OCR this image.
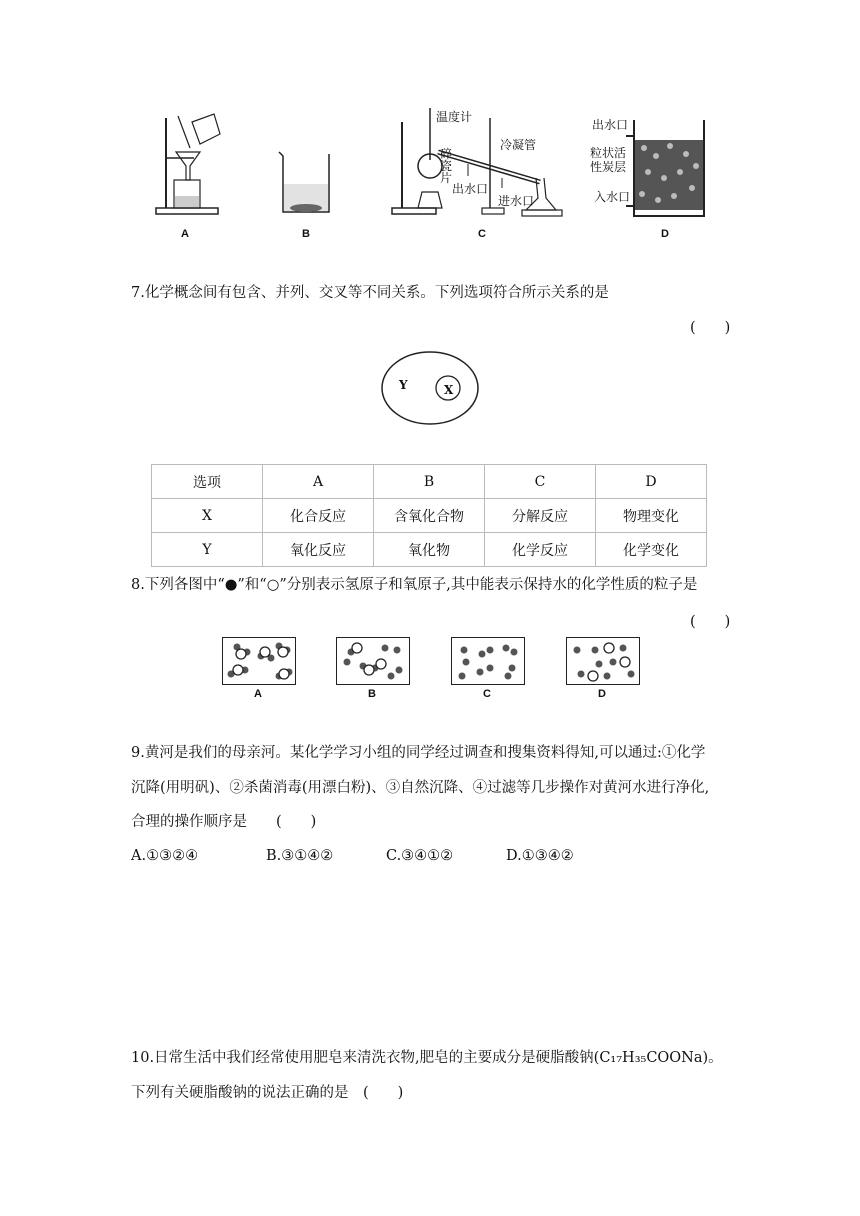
A	B
温度计
冷凝管
碎
瓷
片
出水口
进水口
C
出水口
粒状活
性炭层
入水口
D
7.化学概念间有包含、并列、交叉等不同关系。下列选项符合所示关系的是
(　　)
Y	X
选项	A	B	C	D
X	化合反应	含氧化合物	分解反应	物理变化
Y	氧化反应	氧化物	化学反应	化学变化
8.下列各图中“●”和“○”分别表示氢原子和氧原子,其中能表示保持水的化学性质的粒子是
(　　)
A	B	C	D
9.黄河是我们的母亲河。某化学学习小组的同学经过调查和搜集资料得知,可以通过:①化学
沉降(用明矾)、②杀菌消毒(用漂白粉)、③自然沉降、④过滤等几步操作对黄河水进行净化,
合理的操作顺序是　　(　　)
A.①③②④	B.③①④②	C.③④①②	D.①③④②
10.日常生活中我们经常使用肥皂来清洗衣物,肥皂的主要成分是硬脂酸钠(C₁₇H₃₅COONa)。
下列有关硬脂酸钠的说法正确的是　(　　)
